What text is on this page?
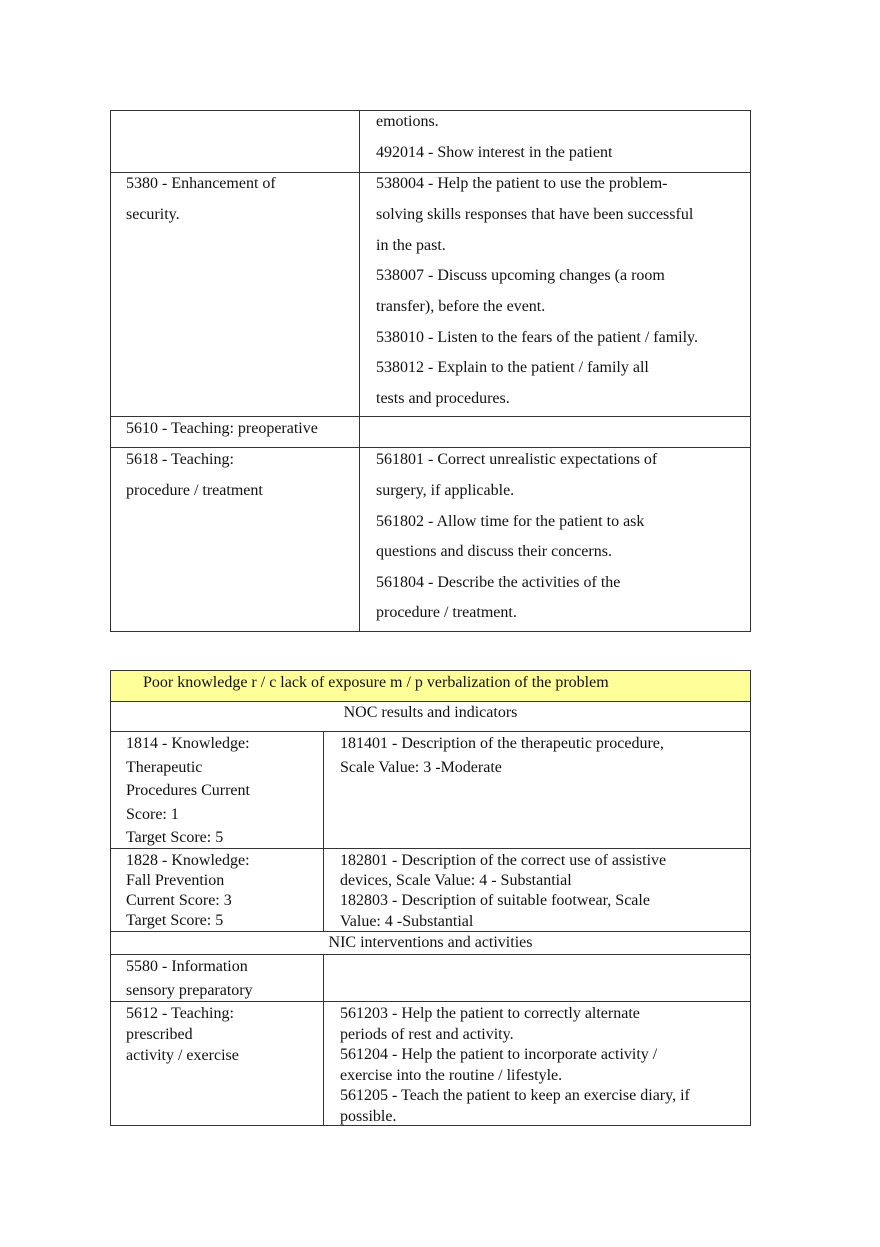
emotions.
492014 - Show interest in the patient
5380 - Enhancement of
security.
538004 - Help the patient to use the problem-
solving skills responses that have been successful
in the past.
538007 - Discuss upcoming changes (a room
transfer), before the event.
538010 - Listen to the fears of the patient / family.
538012 - Explain to the patient / family all
tests and procedures.
5610 - Teaching: preoperative
5618 - Teaching:
procedure / treatment
561801 - Correct unrealistic expectations of
surgery, if applicable.
561802 - Allow time for the patient to ask
questions and discuss their concerns.
561804 - Describe the activities of the
procedure / treatment.
Poor knowledge r / c lack of exposure m / p verbalization of the problem
NOC results and indicators
1814 - Knowledge:
Therapeutic
Procedures Current
Score: 1
Target Score: 5
181401 - Description of the therapeutic procedure,
Scale Value: 3 -Moderate
1828 - Knowledge:
Fall Prevention
Current Score: 3
Target Score: 5
182801 - Description of the correct use of assistive
devices, Scale Value: 4 - Substantial
182803 - Description of suitable footwear, Scale
Value: 4 -Substantial
NIC interventions and activities
5580 - Information
sensory preparatory
5612 - Teaching:
prescribed
activity / exercise
561203 - Help the patient to correctly alternate
periods of rest and activity.
561204 - Help the patient to incorporate activity /
exercise into the routine / lifestyle.
561205 - Teach the patient to keep an exercise diary, if
possible.
